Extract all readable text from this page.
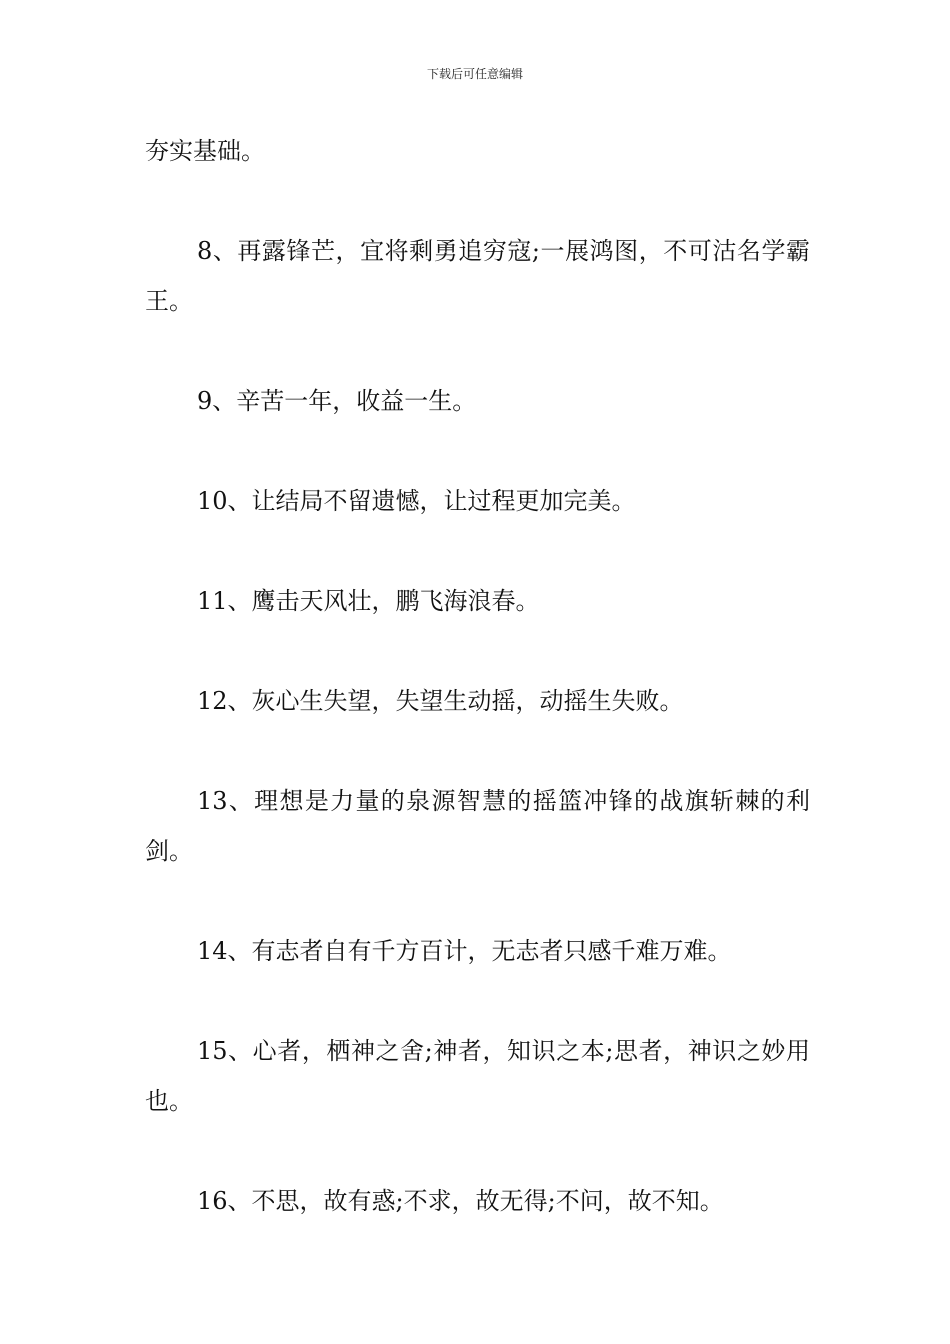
下载后可任意编辑

夯实基础。

8、再露锋芒，宜将剩勇追穷寇;一展鸿图，不可沽名学霸王。

9、辛苦一年，收益一生。

10、让结局不留遗憾，让过程更加完美。

11、鹰击天风壮，鹏飞海浪春。

12、灰心生失望，失望生动摇，动摇生失败。

13、理想是力量的泉源智慧的摇篮冲锋的战旗斩棘的利剑。

14、有志者自有千方百计，无志者只感千难万难。

15、心者，栖神之舍;神者，知识之本;思者，神识之妙用也。

16、不思，故有惑;不求，故无得;不问，故不知。
